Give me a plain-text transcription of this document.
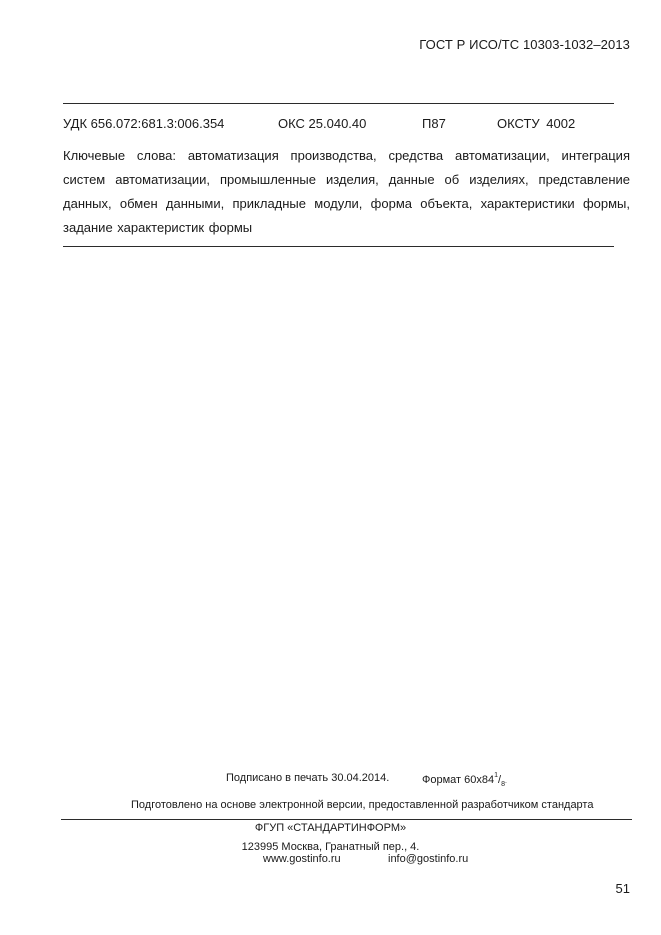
ГОСТ Р ИСО/ТС 10303-1032–2013
УДК 656.072:681.3:006.354	ОКС 25.040.40	П87	ОКСТУ 4002
Ключевые слова: автоматизация производства, средства автоматизации, интеграция систем автоматизации, промышленные изделия, данные об изделиях, представление данных, обмен данными, прикладные модули, форма объекта, характеристики формы, задание характеристик формы
Подписано в печать 30.04.2014.	Формат $60х84^1/_8$.
Подготовлено на основе электронной версии, предоставленной разработчиком стандарта
ФГУП «СТАНДАРТИНФОРМ»
123995 Москва, Гранатный пер., 4.
www.gostinfo.ru	info@gostinfo.ru
51
